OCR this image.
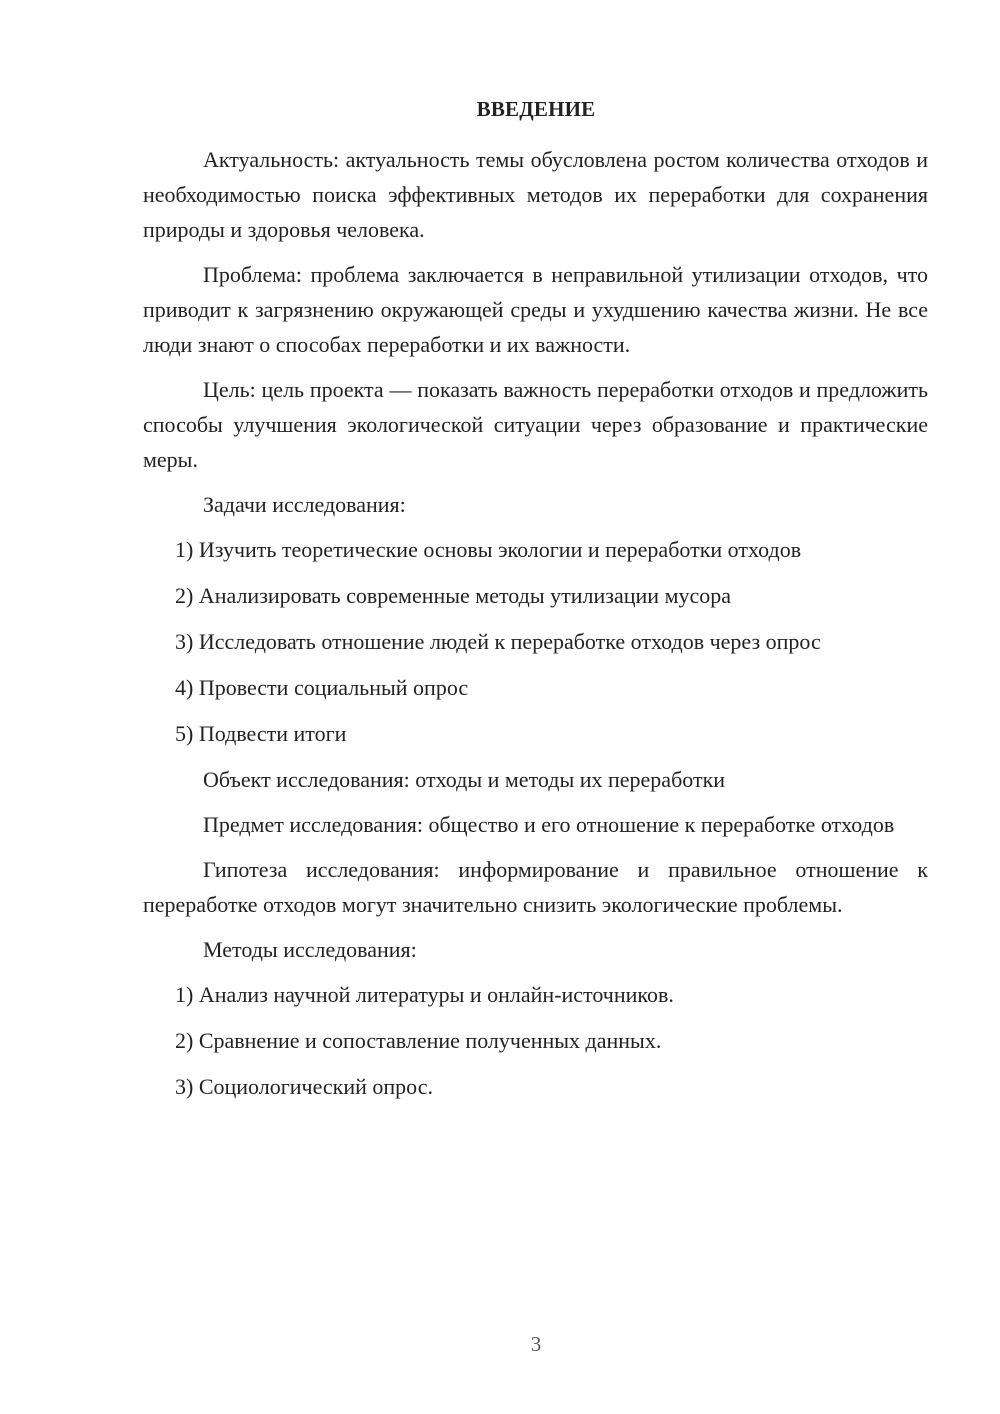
ВВЕДЕНИЕ

Актуальность: актуальность темы обусловлена ростом количества отходов и необходимостью поиска эффективных методов их переработки для сохранения природы и здоровья человека.

Проблема: проблема заключается в неправильной утилизации отходов, что приводит к загрязнению окружающей среды и ухудшению качества жизни. Не все люди знают о способах переработки и их важности.

Цель: цель проекта — показать важность переработки отходов и предложить способы улучшения экологической ситуации через образование и практические меры.

Задачи исследования:

1) Изучить теоретические основы экологии и переработки отходов
2) Анализировать современные методы утилизации мусора
3) Исследовать отношение людей к переработке отходов через опрос
4) Провести социальный опрос
5) Подвести итоги

Объект исследования: отходы и методы их переработки

Предмет исследования: общество и его отношение к переработке отходов

Гипотеза исследования: информирование и правильное отношение к переработке отходов могут значительно снизить экологические проблемы.

Методы исследования:

1) Анализ научной литературы и онлайн-источников.
2) Сравнение и сопоставление полученных данных.
3) Социологический опрос.
3
